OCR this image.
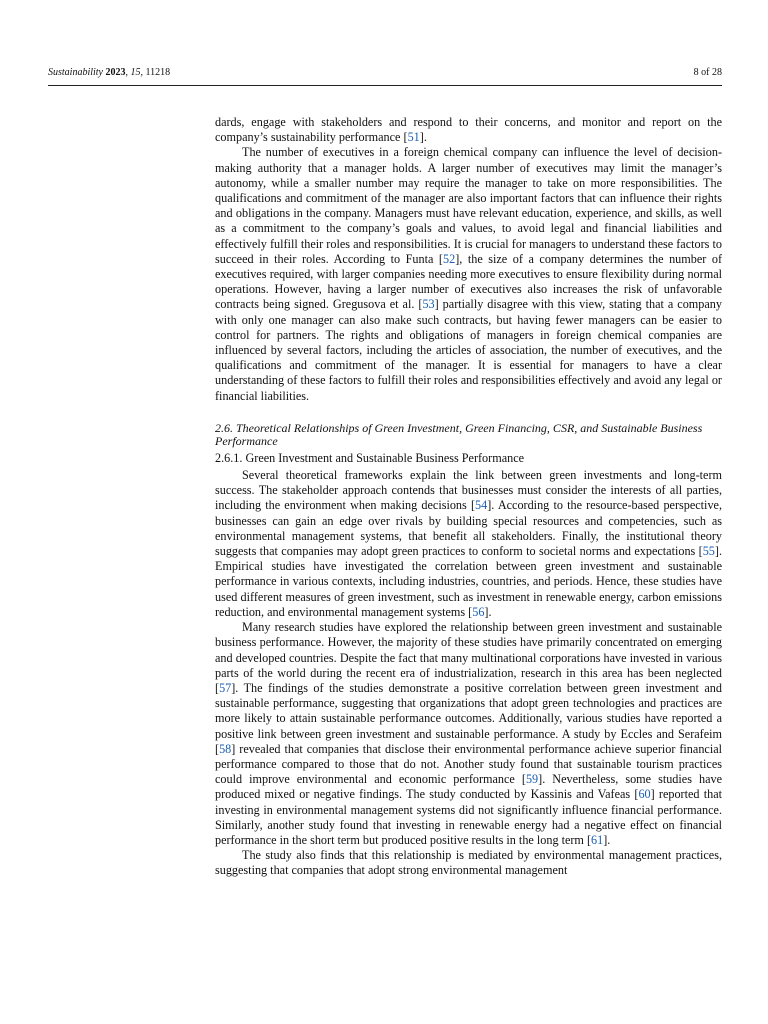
Sustainability 2023, 15, 11218	8 of 28

dards, engage with stakeholders and respond to their concerns, and monitor and report on the company’s sustainability performance [51].

The number of executives in a foreign chemical company can influence the level of decision-making authority that a manager holds. A larger number of executives may limit the manager’s autonomy, while a smaller number may require the manager to take on more responsibilities. The qualifications and commitment of the manager are also important factors that can influence their rights and obligations in the company. Managers must have relevant education, experience, and skills, as well as a commitment to the company’s goals and values, to avoid legal and financial liabilities and effectively fulfill their roles and responsibilities. It is crucial for managers to understand these factors to succeed in their roles. According to Funta [52], the size of a company determines the number of executives required, with larger companies needing more executives to ensure flexibility during normal operations. However, having a larger number of executives also increases the risk of unfavorable contracts being signed. Gregusova et al. [53] partially disagree with this view, stating that a company with only one manager can also make such contracts, but having fewer managers can be easier to control for partners. The rights and obligations of managers in foreign chemical companies are influenced by several factors, including the articles of association, the number of executives, and the qualifications and commitment of the manager. It is essential for managers to have a clear understanding of these factors to fulfill their roles and responsibilities effectively and avoid any legal or financial liabilities.

2.6. Theoretical Relationships of Green Investment, Green Financing, CSR, and Sustainable Business Performance
2.6.1. Green Investment and Sustainable Business Performance

Several theoretical frameworks explain the link between green investments and long-term success. The stakeholder approach contends that businesses must consider the interests of all parties, including the environment when making decisions [54]. According to the resource-based perspective, businesses can gain an edge over rivals by building special resources and competencies, such as environmental management systems, that benefit all stakeholders. Finally, the institutional theory suggests that companies may adopt green practices to conform to societal norms and expectations [55]. Empirical studies have investigated the correlation between green investment and sustainable performance in various contexts, including industries, countries, and periods. Hence, these studies have used different measures of green investment, such as investment in renewable energy, carbon emissions reduction, and environmental management systems [56].

Many research studies have explored the relationship between green investment and sustainable business performance. However, the majority of these studies have primarily concentrated on emerging and developed countries. Despite the fact that many multinational corporations have invested in various parts of the world during the recent era of industrialization, research in this area has been neglected [57]. The findings of the studies demonstrate a positive correlation between green investment and sustainable performance, suggesting that organizations that adopt green technologies and practices are more likely to attain sustainable performance outcomes. Additionally, various studies have reported a positive link between green investment and sustainable performance. A study by Eccles and Serafeim [58] revealed that companies that disclose their environmental performance achieve superior financial performance compared to those that do not. Another study found that sustainable tourism practices could improve environmental and economic performance [59]. Nevertheless, some studies have produced mixed or negative findings. The study conducted by Kassinis and Vafeas [60] reported that investing in environmental management systems did not significantly influence financial performance. Similarly, another study found that investing in renewable energy had a negative effect on financial performance in the short term but produced positive results in the long term [61].

The study also finds that this relationship is mediated by environmental management practices, suggesting that companies that adopt strong environmental management
